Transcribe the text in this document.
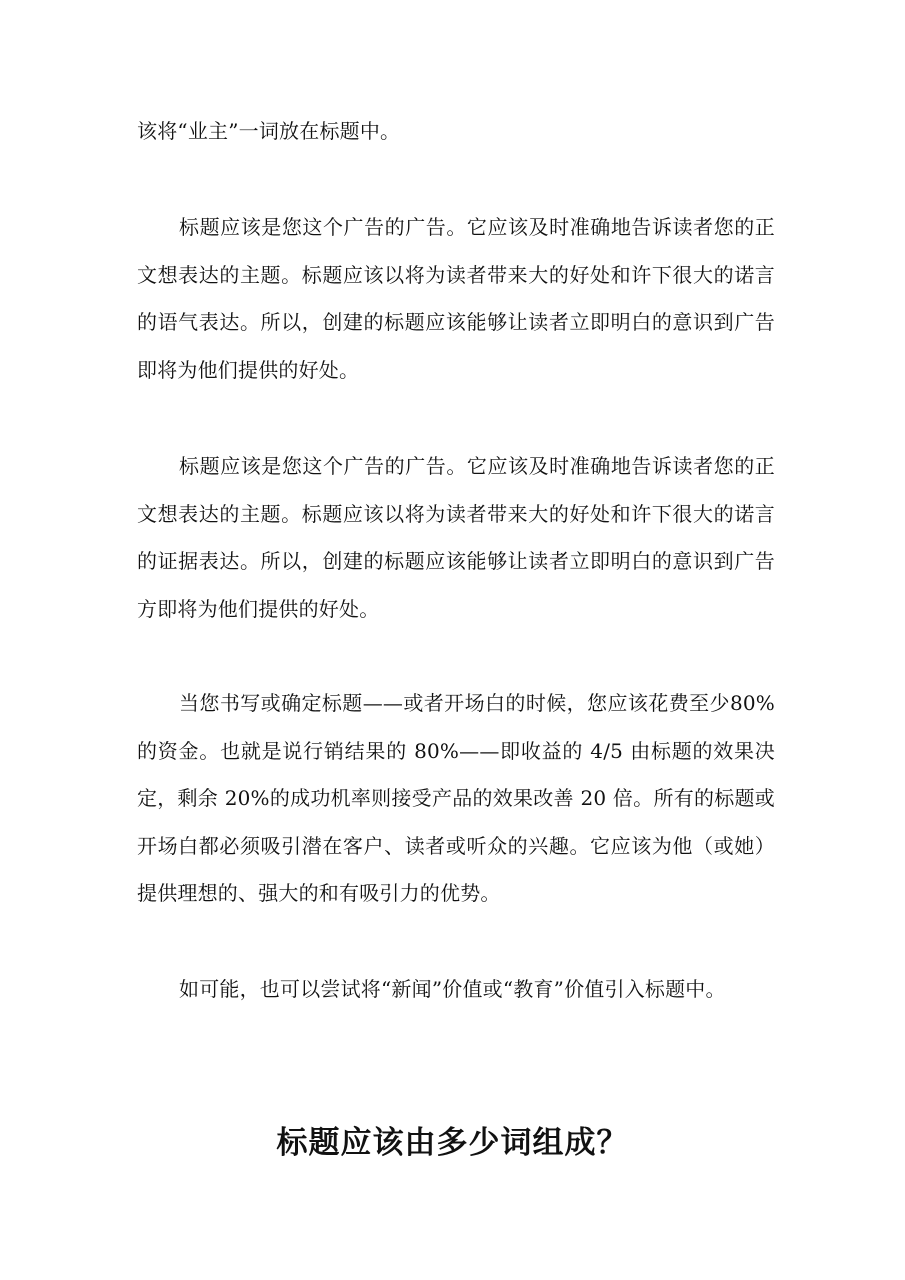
该将“业主”一词放在标题中。

标题应该是您这个广告的广告。它应该及时准确地告诉读者您的正文想表达的主题。标题应该以将为读者带来大的好处和许下很大的诺言的语气表达。所以，创建的标题应该能够让读者立即明白的意识到广告即将为他们提供的好处。

标题应该是您这个广告的广告。它应该及时准确地告诉读者您的正文想表达的主题。标题应该以将为读者带来大的好处和许下很大的诺言的证据表达。所以，创建的标题应该能够让读者立即明白的意识到广告方即将为他们提供的好处。

当您书写或确定标题——或者开场白的时候，您应该花费至少80%的资金。也就是说行销结果的 80%——即收益的 4/5 由标题的效果决定，剩余 20%的成功机率则接受产品的效果改善 20 倍。所有的标题或开场白都必须吸引潜在客户、读者或听众的兴趣。它应该为他（或她）提供理想的、强大的和有吸引力的优势。

如可能，也可以尝试将“新闻”价值或“教育”价值引入标题中。

标题应该由多少词组成？
